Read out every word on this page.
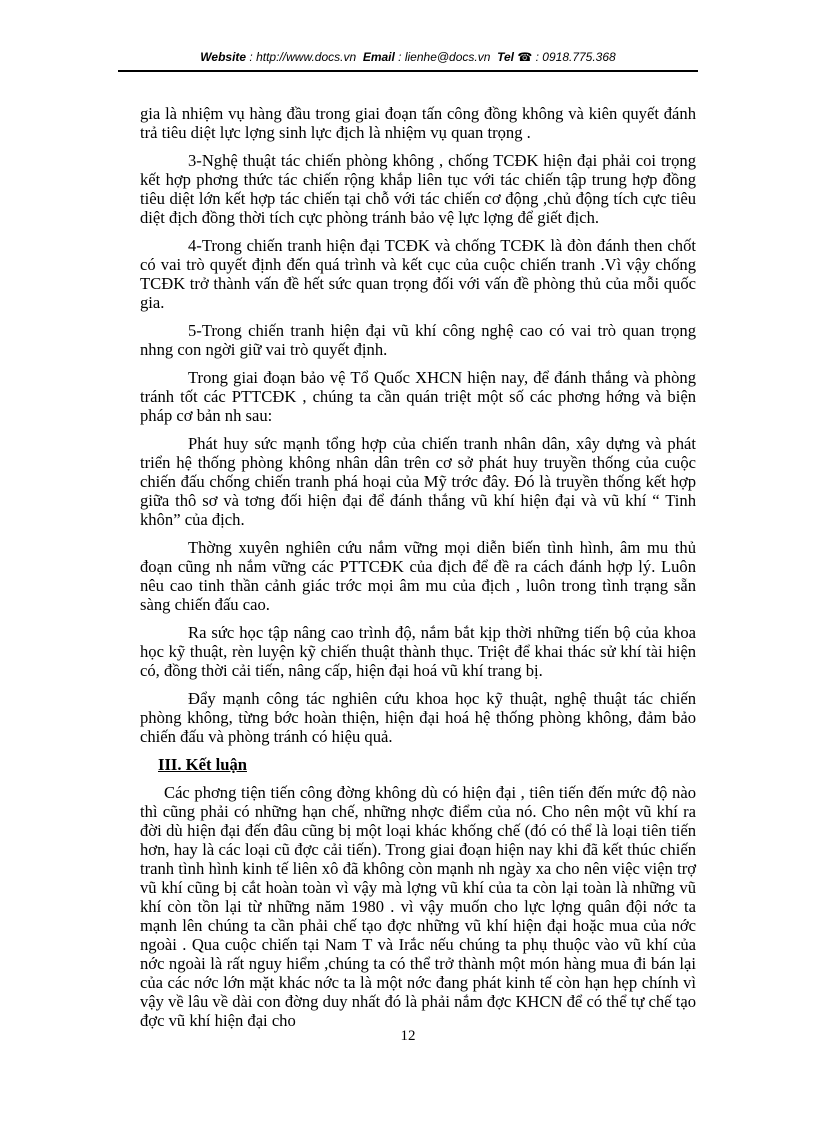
Website : http://www.docs.vn Email : lienhe@docs.vn Tel ☎ : 0918.775.368

gia là nhiệm vụ hàng đầu trong giai đoạn tấn công đồng không và kiên quyết đánh trả tiêu diệt lực lợng sinh lực địch là nhiệm vụ quan trọng .

3-Nghệ thuật tác chiến phòng không , chống TCĐK hiện đại phải coi trọng kết hợp phơng thức tác chiến rộng khắp liên tục với tác chiến tập trung hợp đồng tiêu diệt lớn kết hợp tác chiến tại chỗ với tác chiến cơ động ,chủ động tích cực tiêu diệt địch đồng thời tích cực phòng tránh bảo vệ lực lợng để giết địch.

4-Trong chiến tranh hiện đại TCĐK và chống TCĐK là đòn đánh then chốt có vai trò quyết định đến quá trình và kết cục của cuộc chiến tranh .Vì vậy chống TCĐK trở thành vấn đề hết sức quan trọng đối với vấn đề phòng thủ của mỗi quốc gia.

5-Trong chiến tranh hiện đại vũ khí công nghệ cao có vai trò quan trọng nhng con ngời giữ vai trò quyết định.

Trong giai đoạn bảo vệ Tổ Quốc XHCN hiện nay, để đánh thắng và phòng tránh tốt các PTTCĐK , chúng ta cần quán triệt một số các phơng hớng và biện pháp cơ bản nh sau:

Phát huy sức mạnh tổng hợp của chiến tranh nhân dân, xây dựng và phát triển hệ thống phòng không nhân dân trên cơ sở phát huy truyền thống của cuộc chiến đấu chống chiến tranh phá hoại của Mỹ trớc đây. Đó là truyền thống kết hợp giữa thô sơ và tơng đối hiện đại để đánh thắng vũ khí hiện đại và vũ khí “ Tinh khôn” của địch.

Thờng xuyên nghiên cứu nắm vững mọi diễn biến tình hình, âm mu thủ đoạn cũng nh nắm vững các PTTCĐK của địch để đề ra cách đánh hợp lý. Luôn nêu cao tinh thần cảnh giác trớc mọi âm mu của địch , luôn trong tình trạng sẵn sàng chiến đấu cao.

Ra sức học tập nâng cao trình độ, nắm bắt kịp thời những tiến bộ của khoa học kỹ thuật, rèn luyện kỹ chiến thuật thành thục. Triệt để khai thác sử khí tài hiện có, đồng thời cải tiến, nâng cấp, hiện đại hoá vũ khí trang bị.

Đẩy mạnh công tác nghiên cứu khoa học kỹ thuật, nghệ thuật tác chiến phòng không, từng bớc hoàn thiện, hiện đại hoá hệ thống phòng không, đảm bảo chiến đấu và phòng tránh có hiệu quả.

III. Kết luận

Các phơng tiện tiến công đờng không dù có hiện đại , tiên tiến đến mức độ nào thì cũng phải có những hạn chế, những nhợc điểm của nó. Cho nên một vũ khí ra đời dù hiện đại đến đâu cũng bị một loại khác khống chế (đó có thể là loại tiên tiến hơn, hay là các loại cũ đợc cải tiến). Trong giai đoạn hiện nay khi đã kết thúc chiến tranh tình hình kinh tế liên xô đã không còn mạnh nh ngày xa cho nên việc viện trợ vũ khí cũng bị cắt hoàn toàn vì vậy mà lợng vũ khí của ta còn lại toàn là những vũ khí còn tồn lại từ những năm 1980 . vì vậy muốn cho lực lợng quân đội nớc ta mạnh lên chúng ta cần phải chế tạo đợc những vũ khí hiện đại hoặc mua của nớc ngoài . Qua cuộc chiến tại Nam T và Irắc nếu chúng ta phụ thuộc vào vũ khí của nớc ngoài là rất nguy hiểm ,chúng ta có thể trở thành một món hàng mua đi bán lại của các nớc lớn mặt khác nớc ta là một nớc đang phát kinh tế còn hạn hẹp chính vì vậy về lâu về dài con đờng duy nhất đó là phải nắm đợc KHCN để có thể tự chế tạo đợc vũ khí hiện đại cho

12
